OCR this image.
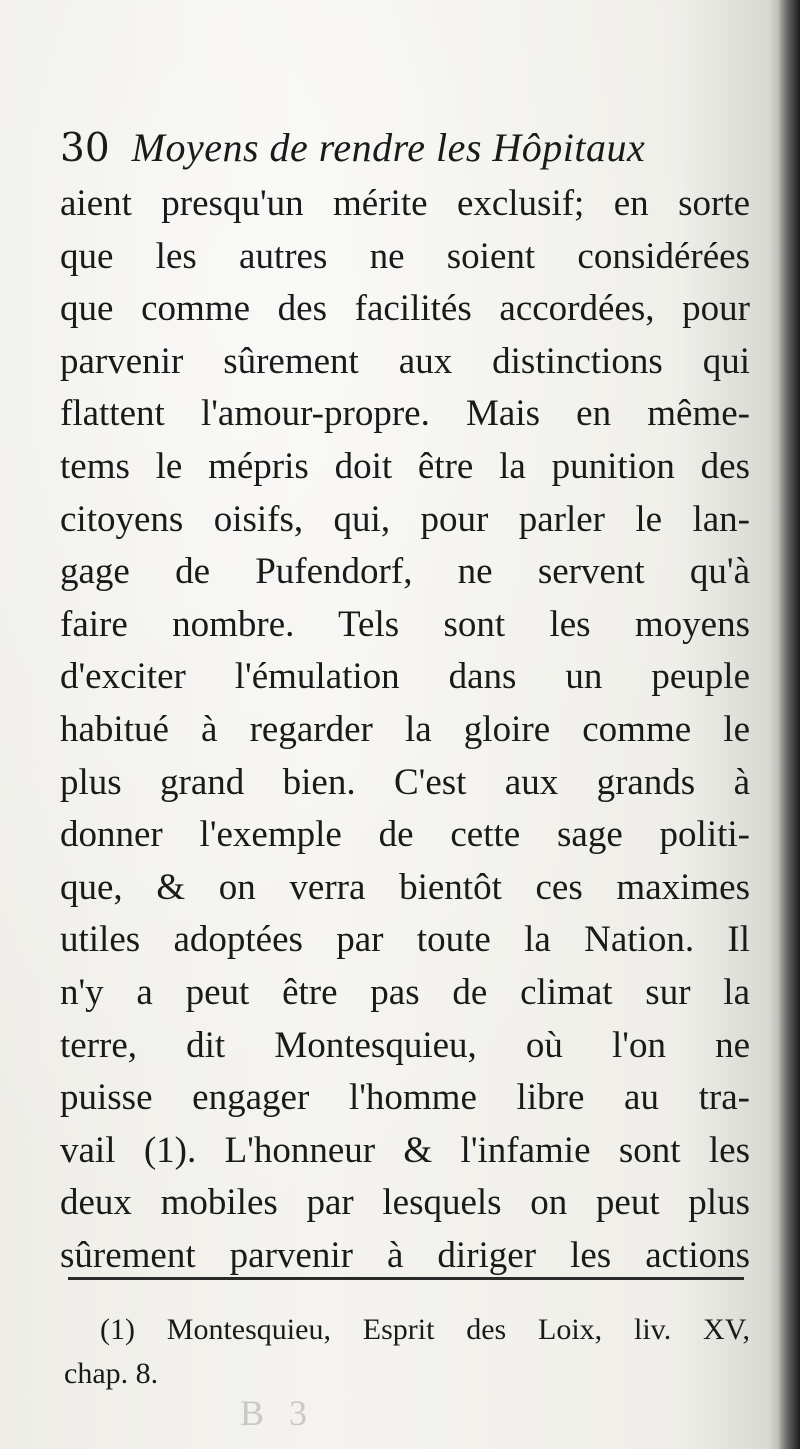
30 Moyens de rendre les Hôpitaux
aient presqu'un mérite exclusif; en sorte
que les autres ne soient considérées
que comme des facilités accordées, pour
parvenir sûrement aux distinctions qui
flattent l'amour-propre. Mais en même-
tems le mépris doit être la punition des
citoyens oisifs, qui, pour parler le lan-
gage de Pufendorf, ne servent qu'à
faire nombre. Tels sont les moyens
d'exciter l'émulation dans un peuple
habitué à regarder la gloire comme le
plus grand bien. C'est aux grands à
donner l'exemple de cette sage politi-
que, & on verra bientôt ces maximes
utiles adoptées par toute la Nation. Il
n'y a peut être pas de climat sur la
terre, dit Montesquieu, où l'on ne
puisse engager l'homme libre au tra-
vail (1). L'honneur & l'infamie sont les
deux mobiles par lesquels on peut plus
sûrement parvenir à diriger les actions
(1) Montesquieu, Esprit des Loix, liv. XV,
chap. 8.
B 3
